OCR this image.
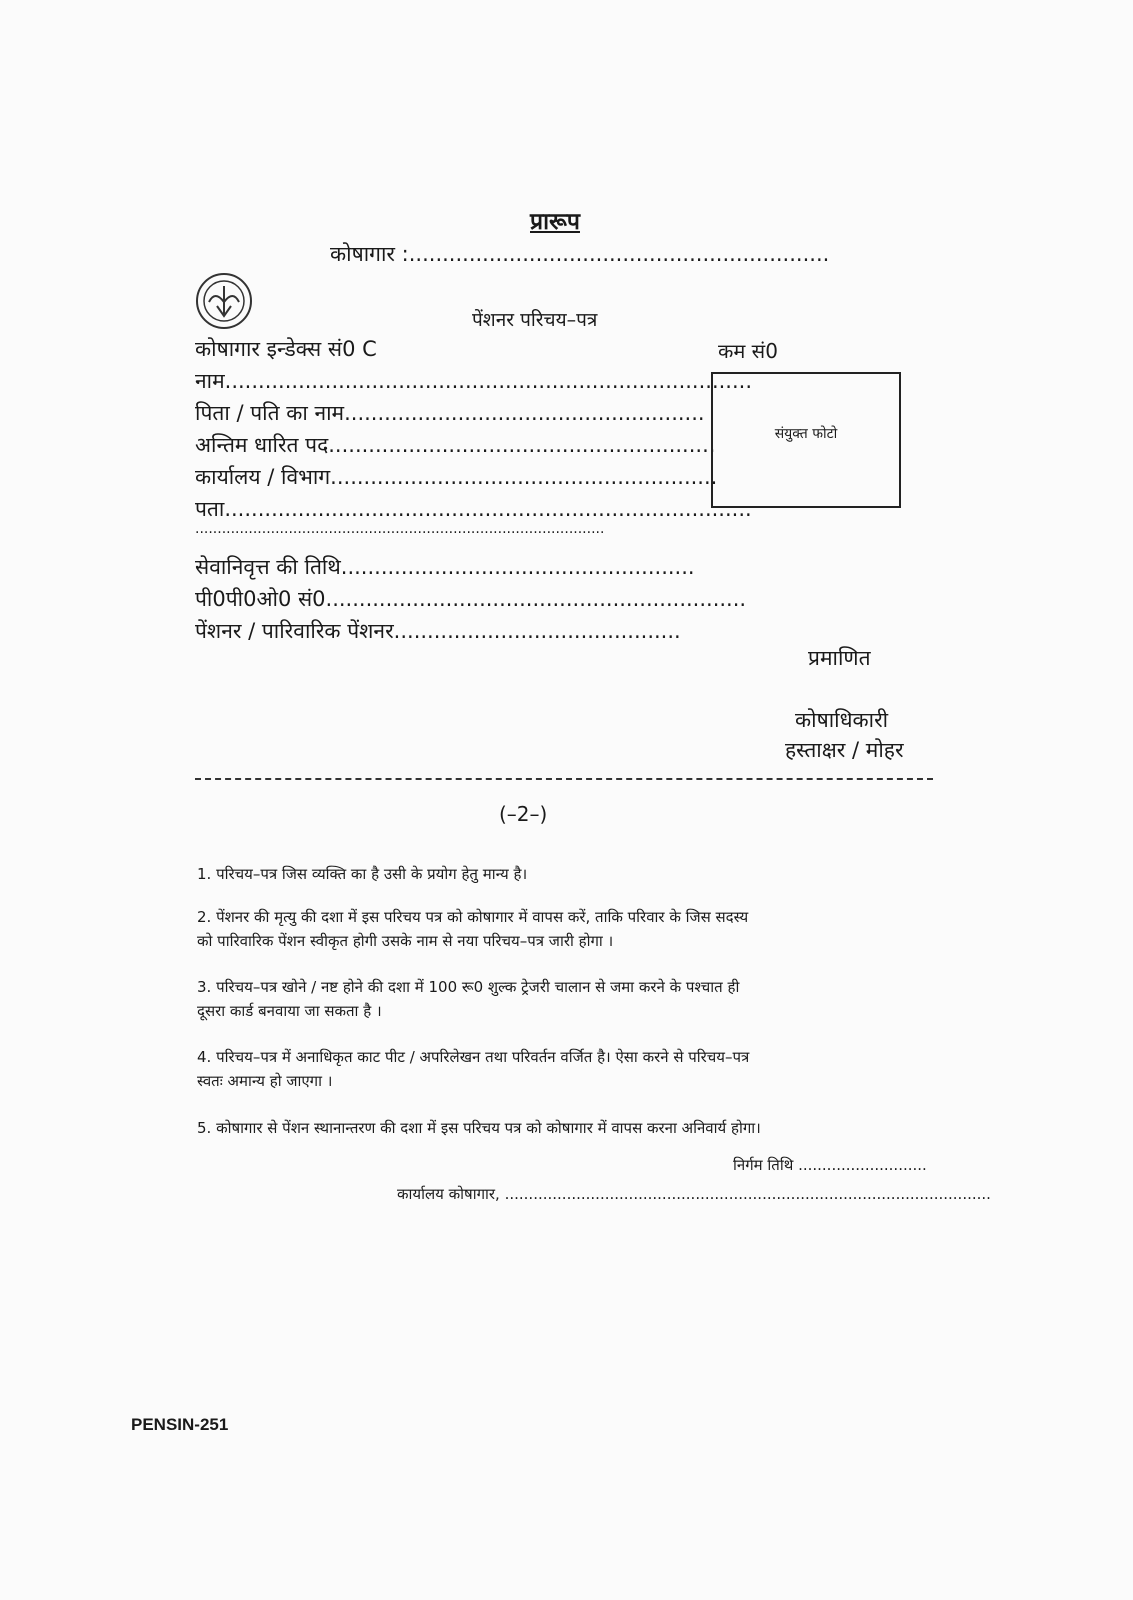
प्रारूप
कोषागार :...............................................................
पेंशनर परिचय–पत्र
कोषागार इन्डेक्स सं0 C
नाम...............................................................................
पिता / पति का नाम......................................................
अन्तिम धारित पद..........................................................
कार्यालय / विभाग..........................................................
पता...............................................................................
............................................................................................
सेवानिवृत्त की तिथि.....................................................
पी0पी0ओ0 सं0...............................................................
पेंशनर / पारिवारिक पेंशनर...........................................
कम सं0
संयुक्त फोटो
प्रमाणित
कोषाधिकारी
हस्ताक्षर / मोहर
(–2–)
1. परिचय–पत्र जिस व्यक्ति का है उसी के प्रयोग हेतु मान्य है।
2. पेंशनर की मृत्यु की दशा में इस परिचय पत्र को कोषागार में वापस करें, ताकि परिवार के जिस सदस्य
को पारिवारिक पेंशन स्वीकृत होगी उसके नाम से नया परिचय–पत्र जारी होगा ।
3. परिचय–पत्र खोने / नष्ट होने की दशा में 100 रू0 शुल्क ट्रेजरी चालान से जमा करने के पश्चात ही
दूसरा कार्ड बनवाया जा सकता है ।
4. परिचय–पत्र में अनाधिकृत काट पीट / अपरिलेखन तथा परिवर्तन वर्जित है। ऐसा करने से परिचय–पत्र
स्वतः अमान्य हो जाएगा ।
5. कोषागार से पेंशन स्थानान्तरण की दशा में इस परिचय पत्र को कोषागार में वापस करना अनिवार्य होगा।
निर्गम तिथि ...........................
कार्यालय कोषागार, ......................................................................................................
PENSIN-251
